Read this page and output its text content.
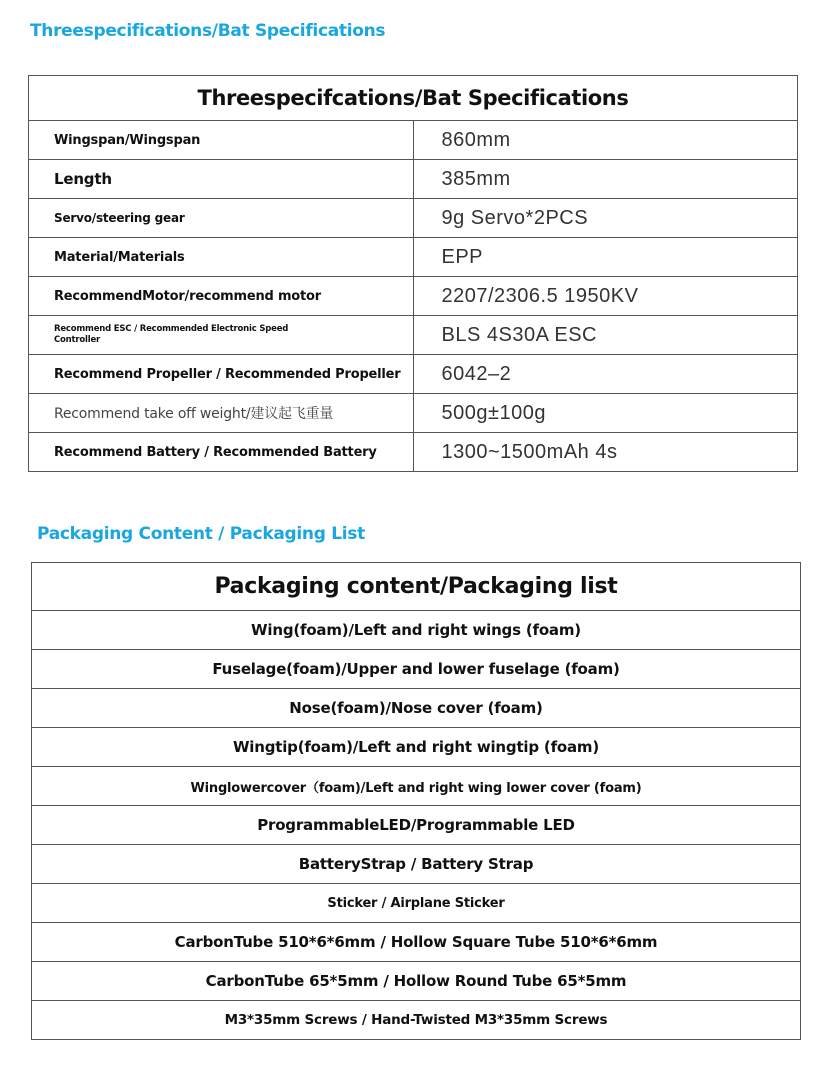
Threespecifications/Bat Specifications
Threespecifcations/Bat Specifications	
Wingspan/Wingspan	860mm
Length	385mm
Servo/steering gear	9g Servo*2PCS
Material/Materials	EPP
RecommendMotor/recommend motor	2207/2306.5 1950KV

Recommend ESC / Recommended Electronic Speed Controller	BLS 4S30A ESC
Recommend Propeller / Recommended Propeller	6042–2
Recommend take off weight/建议起飞重量	500g±100g
Recommend Battery / Recommended Battery	1300~1500mAh 4s
Packaging Content / Packaging List
Packaging content/Packaging list
Wing(foam)/Left and right wings (foam)
Fuselage(foam)/Upper and lower fuselage (foam)
Nose(foam)/Nose cover (foam)
Wingtip(foam)/Left and right wingtip (foam)
Winglowercover（foam)/Left and right wing lower cover (foam)
ProgrammableLED/Programmable LED
BatteryStrap / Battery Strap
Sticker / Airplane Sticker
CarbonTube 510*6*6mm / Hollow Square Tube 510*6*6mm
CarbonTube 65*5mm / Hollow Round Tube 65*5mm
M3*35mm Screws / Hand-Twisted M3*35mm Screws
